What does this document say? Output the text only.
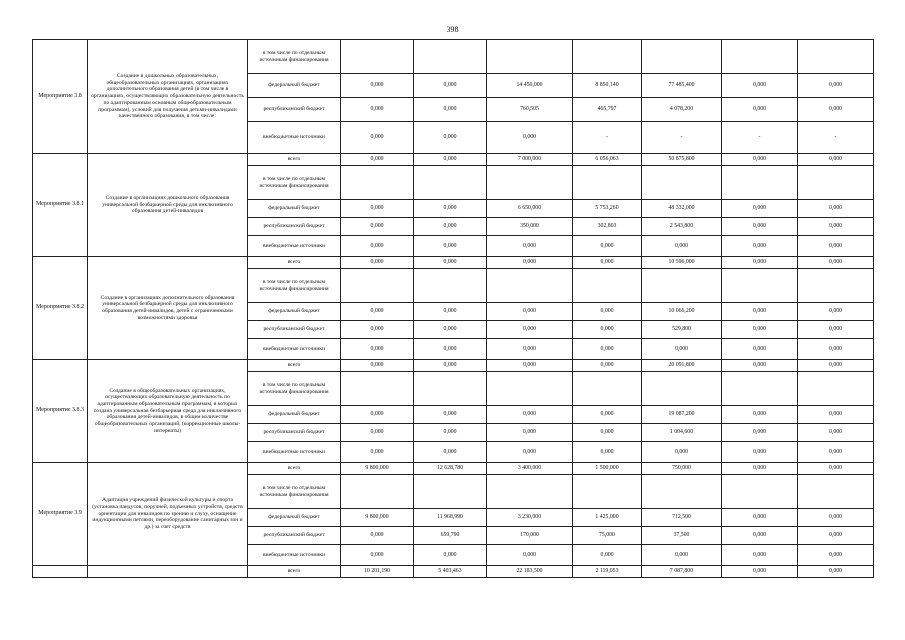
398
Мероприятие 3.8	Создание в дошкольных образовательных, общеобразовательных организациях, организациях дополнительного образования детей (в том числе в организациях, осуществляющих образовательную деятельность по адаптированным основным общеобразовательным программам), условий для получения детьми-инвалидами качественного образования, в том числе:	в том числе по отдельным источникам финансирования							
		федеральный бюджет	0,000	0,000	14 450,000	8 850,140	77 485,400	0,000	0,000
		республиканский бюджет	0,000	0,000	760,505	465,797	4 078,200	0,000	0,000
		внебюджетные источники	0,000	0,000	0,000	-	-	-	-
Мероприятие 3.8.1	Создание в организациях дошкольного образования универсальной безбарьерной среды для инклюзивного образования детей-инвалидов	всего	0,000	0,000	7 000,000	6 056,063	50 875,800	0,000	0,000
		в том числе по отдельным источникам финансирования							
		федеральный бюджет	0,000	0,000	6 650,000	5 753,260	48 332,000	0,000	0,000
		республиканский бюджет	0,000	0,000	350,000	302,803	2 543,800	0,000	0,000
		внебюджетные источники	0,000	0,000	0,000	0,000	0,000	0,000	0,000
Мероприятие 3.8.2	Создание в организациях дополнительного образования универсальной безбарьерной среды для инклюзивного образования детей-инвалидов, детей с ограниченными возможностями здоровья	всего	0,000	0,000	0,000	0,000	10 596,000	0,000	0,000
		в том числе по отдельным источникам финансирования							
		федеральный бюджет	0,000	0,000	0,000	0,000	10 066,200	0,000	0,000
		республиканский бюджет	0,000	0,000	0,000	0,000	529,800	0,000	0,000
		внебюджетные источники	0,000	0,000	0,000	0,000	0,000	0,000	0,000
Мероприятие 3.8.3	Создание в общеобразовательных организациях, осуществляющих образовательную деятельность по адаптированным образовательным программам, в которых создана универсальная безбарьерная среда для инклюзивного образования детей-инвалидов, в общем количестве общеобразовательных организаций, (коррекционные школы-интернаты)	всего	0,000	0,000	0,000	0,000	20 091,800	0,000	0,000
		в том числе по отдельным источникам финансирования							
		федеральный бюджет	0,000	0,000	0,000	0,000	19 087,200	0,000	0,000
		республиканский бюджет	0,000	0,000	0,000	0,000	1 004,600	0,000	0,000
		внебюджетные источники	0,000	0,000	0,000	0,000	0,000	0,000	0,000
Мероприятие 3.9	Адаптация учреждений физической культуры и спорта (установка пандусов, поручней, подъемных устройств, средств ориентации для инвалидов по зрению и слуху, оснащение индукционными петлями, переоборудование санитарных зон и др.) за счет средств	всего	9 800,000	12 628,780	3 400,000	1 500,000	750,000	0,000	0,000
		в том числе по отдельным источникам финансирования							
		федеральный бюджет	9 800,000	11 968,990	3 230,000	1 425,000	712,500	0,000	0,000
		республиканский бюджет	0,000	659,790	170,000	75,000	37,500	0,000	0,000
		внебюджетные источники	0,000	0,000	0,000	0,000	0,000	0,000	0,000
		всего	10 201,190	5 403,463	22 183,500	2 119,053	7 087,800	0,000	0,000
